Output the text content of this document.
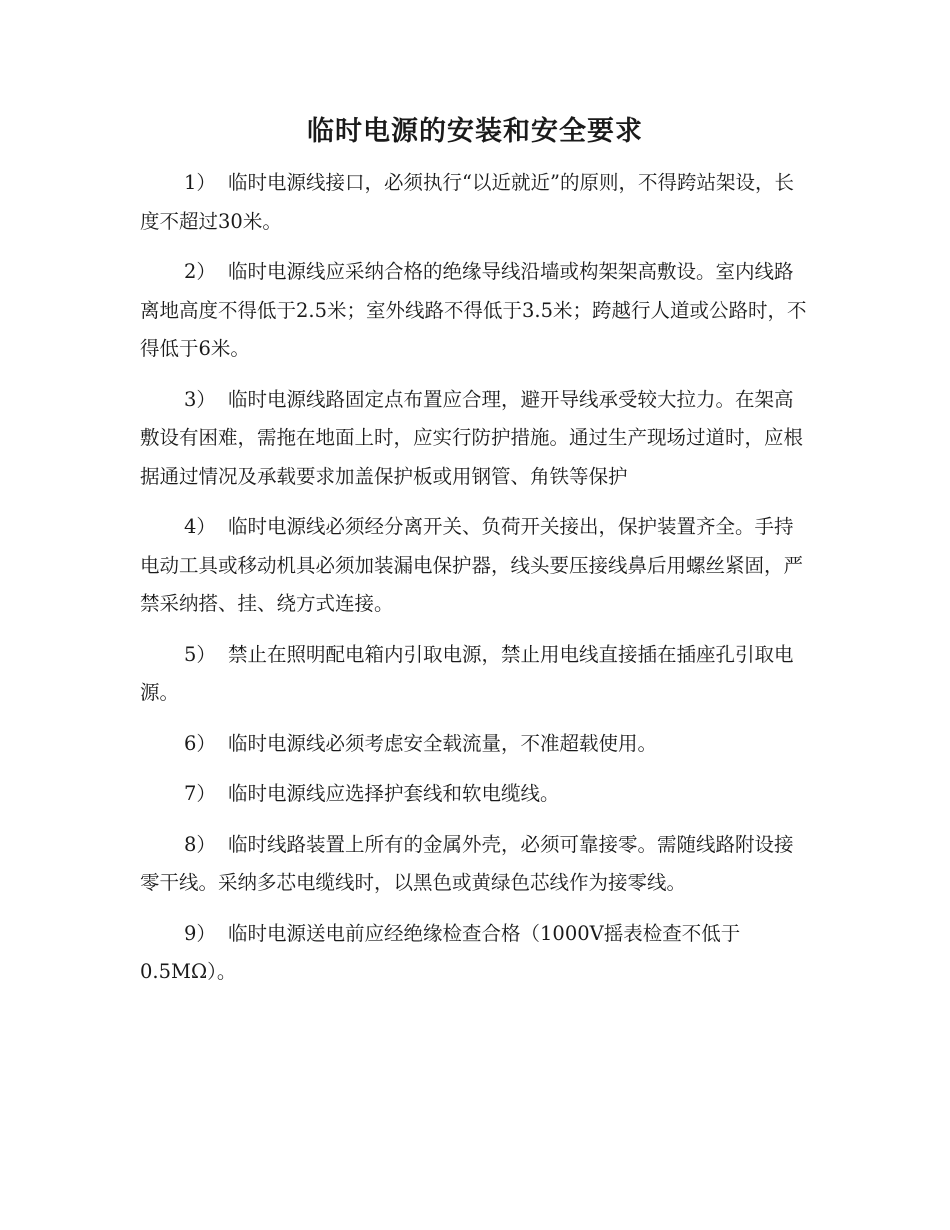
临时电源的安装和安全要求

1） 临时电源线接口，必须执行“以近就近”的原则，不得跨站架设，长度不超过30米。

2） 临时电源线应采纳合格的绝缘导线沿墙或构架架高敷设。室内线路离地高度不得低于2.5米；室外线路不得低于3.5米；跨越行人道或公路时，不得低于6米。

3） 临时电源线路固定点布置应合理，避开导线承受较大拉力。在架高敷设有困难，需拖在地面上时，应实行防护措施。通过生产现场过道时，应根据通过情况及承载要求加盖保护板或用钢管、角铁等保护

4） 临时电源线必须经分离开关、负荷开关接出，保护装置齐全。手持电动工具或移动机具必须加装漏电保护器，线头要压接线鼻后用螺丝紧固，严禁采纳搭、挂、绕方式连接。

5） 禁止在照明配电箱内引取电源，禁止用电线直接插在插座孔引取电源。

6） 临时电源线必须考虑安全载流量，不准超载使用。

7） 临时电源线应选择护套线和软电缆线。

8） 临时线路装置上所有的金属外壳，必须可靠接零。需随线路附设接零干线。采纳多芯电缆线时，以黑色或黄绿色芯线作为接零线。

9） 临时电源送电前应经绝缘检查合格（1000V摇表检查不低于0.5MΩ）。
